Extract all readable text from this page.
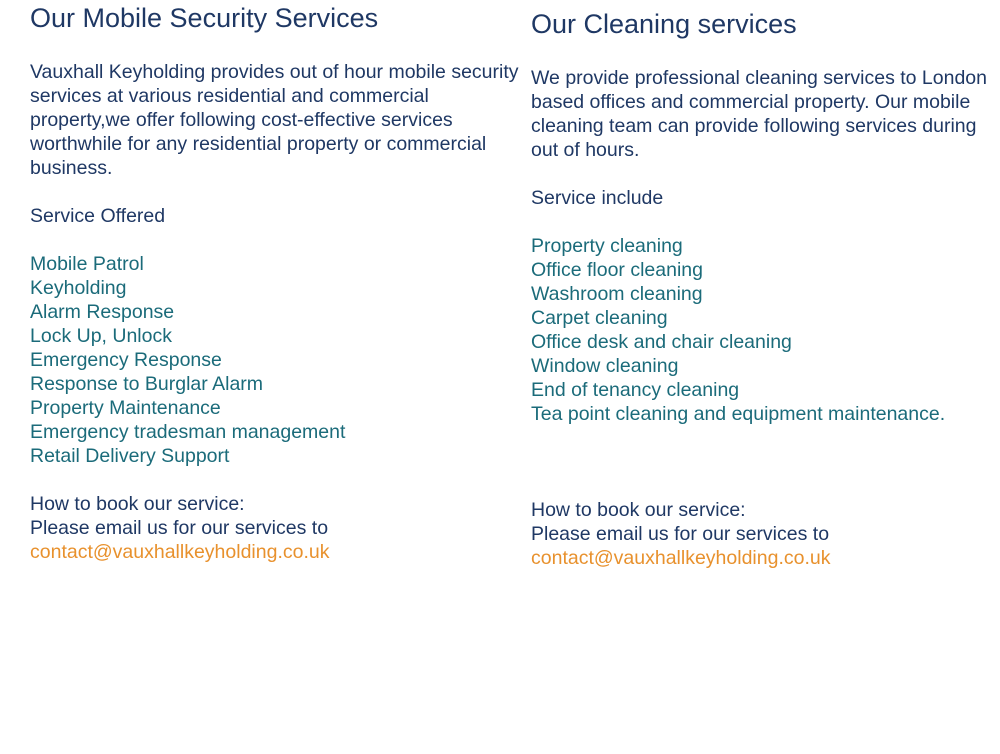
Our Mobile Security Services

Vauxhall Keyholding provides out of hour mobile security services at various residential and commercial property,we offer following cost-effective services worthwhile for any residential property or commercial business.

Service Offered

Mobile Patrol
Keyholding
Alarm Response
Lock Up, Unlock
Emergency Response
Response to Burglar Alarm
Property Maintenance
Emergency tradesman management
Retail Delivery Support
How to book our service:
Please email us for our services to
contact@vauxhallkeyholding.co.uk
Our Cleaning services

We provide professional cleaning services to London based offices and commercial property. Our mobile cleaning team can provide following services during out of hours.

Service include

Property cleaning
Office floor cleaning
Washroom cleaning
Carpet cleaning
Office desk and chair cleaning
Window cleaning
End of tenancy cleaning
Tea point cleaning and equipment maintenance.
How to book our service:
Please email us for our services to
contact@vauxhallkeyholding.co.uk
